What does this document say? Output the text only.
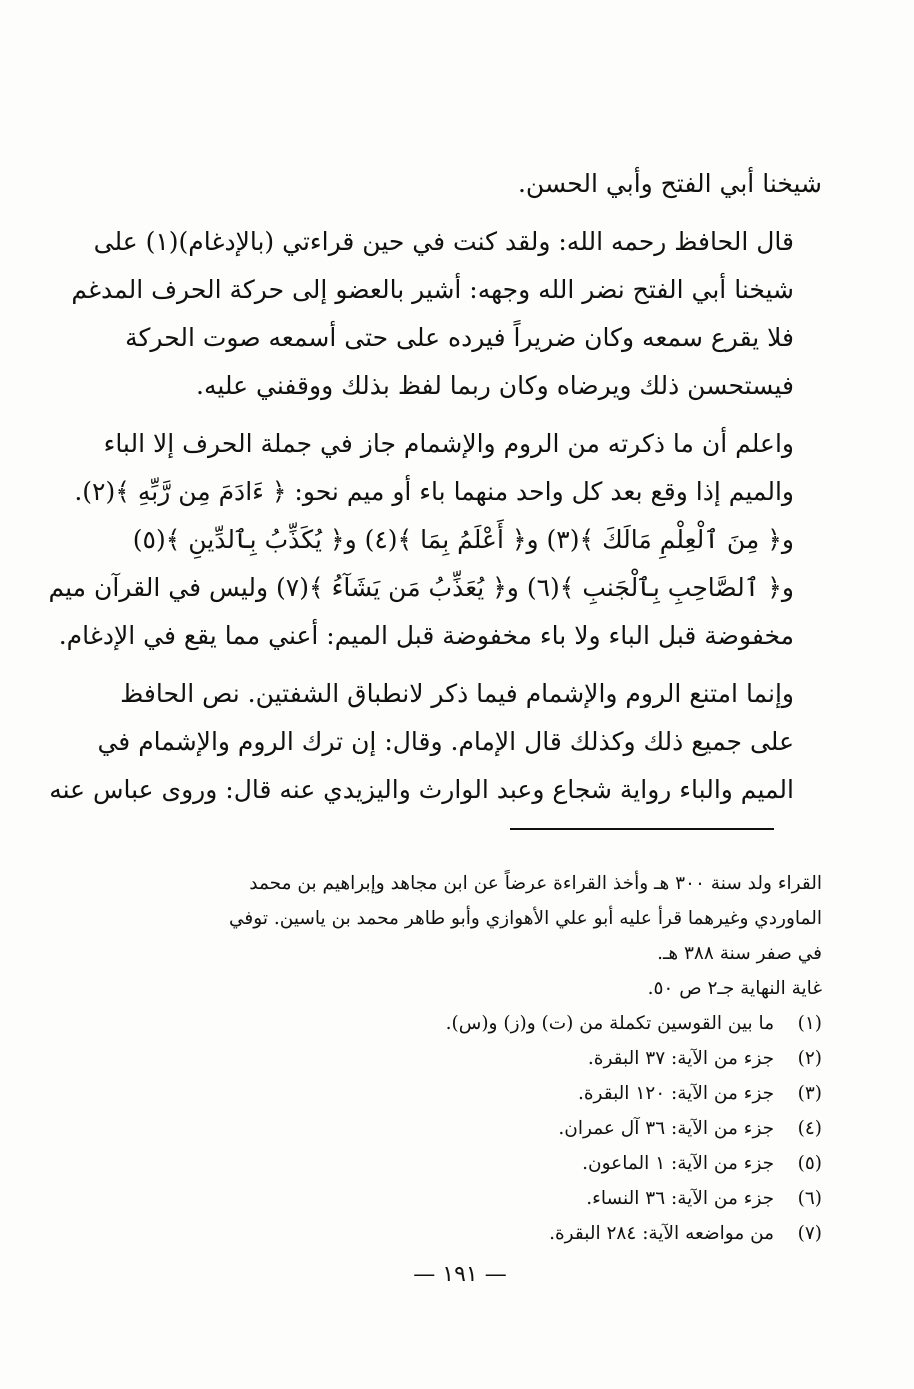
شيخنا أبي الفتح وأبي الحسن.

قال الحافظ رحمه الله: ولقد كنت في حين قراءتي (بالإدغام)(١) على
شيخنا أبي الفتح نضر الله وجهه: أشير بالعضو إلى حركة الحرف المدغم
فلا يقرع سمعه وكان ضريراً فيرده على حتى أسمعه صوت الحركة
فيستحسن ذلك ويرضاه وكان ربما لفظ بذلك ووقفني عليه.

واعلم أن ما ذكرته من الروم والإشمام جاز في جملة الحرف إلا الباء
والميم إذا وقع بعد كل واحد منهما باء أو ميم نحو: ﴿ ءَادَمَ مِن رَّبِّهِ ﴾(٢).
و﴿ مِنَ ٱلْعِلْمِ مَالَكَ ﴾(٣) و﴿ أَعْلَمُ بِمَا ﴾(٤) و﴿ يُكَذِّبُ بِٱلدِّينِ ﴾(٥)
و﴿ ٱلصَّاحِبِ بِٱلْجَنبِ ﴾(٦) و﴿ يُعَذِّبُ مَن يَشَآءُ ﴾(٧) وليس في القرآن ميم
مخفوضة قبل الباء ولا باء مخفوضة قبل الميم: أعني مما يقع في الإدغام.

وإنما امتنع الروم والإشمام فيما ذكر لانطباق الشفتين. نص الحافظ
على جميع ذلك وكذلك قال الإمام. وقال: إن ترك الروم والإشمام في
الميم والباء رواية شجاع وعبد الوارث واليزيدي عنه قال: وروى عباس عنه

القراء ولد سنة ٣٠٠ هـ وأخذ القراءة عرضاً عن ابن مجاهد وإبراهيم بن محمد
الماوردي وغيرهما قرأ عليه أبو علي الأهوازي وأبو طاهر محمد بن ياسين. توفي
في صفر سنة ٣٨٨ هـ.
غاية النهاية جـ٢ ص ٥٠.
(١) ما بين القوسين تكملة من (ت) و(ز) و(س).
(٢) جزء من الآية: ٣٧ البقرة.
(٣) جزء من الآية: ١٢٠ البقرة.
(٤) جزء من الآية: ٣٦ آل عمران.
(٥) جزء من الآية: ١ الماعون.
(٦) جزء من الآية: ٣٦ النساء.
(٧) من مواضعه الآية: ٢٨٤ البقرة.
— ١٩١ —
